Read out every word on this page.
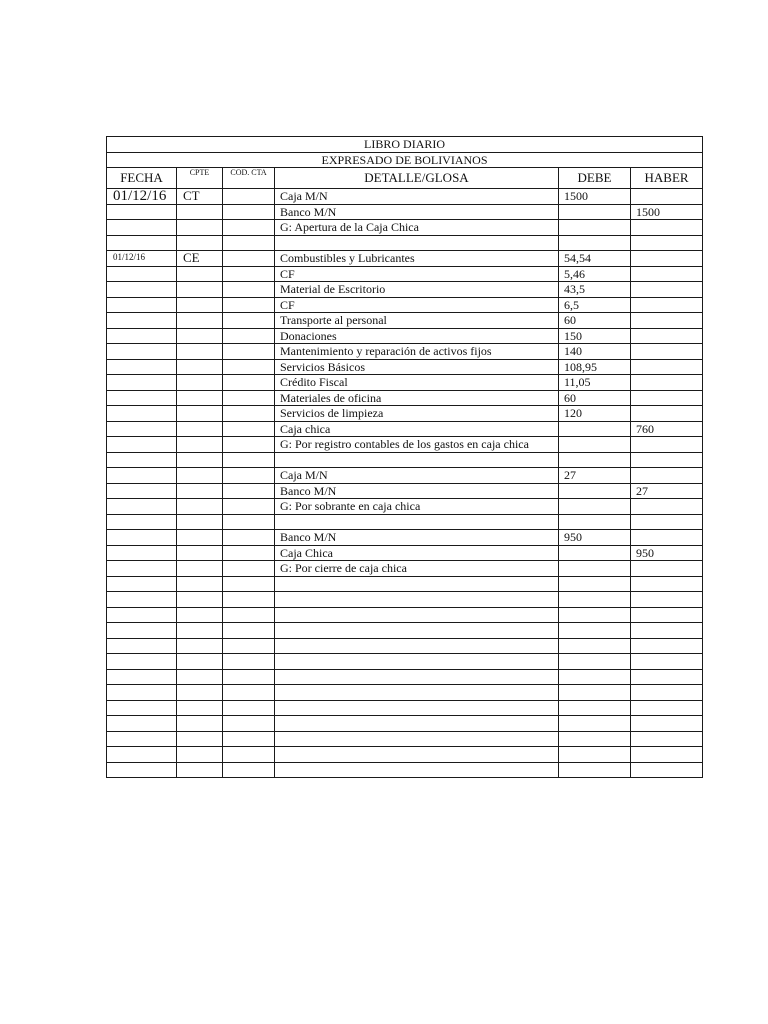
LIBRO DIARIO					
EXPRESADO DE BOLIVIANOS					
FECHA	CPTE	COD. CTA	DETALLE/GLOSA	DEBE	HABER
01/12/16	CT		Caja M/N	1500	
			Banco M/N		1500
			G: Apertura de la Caja Chica		

01/12/16	CE		Combustibles y Lubricantes	54,54	
			CF	5,46	
			Material de Escritorio	43,5	
			CF	6,5	
			Transporte al personal	60	
			Donaciones	150	
			Mantenimiento y reparación de activos fijos	140	
			Servicios Básicos	108,95	
			Crédito Fiscal	11,05	
			Materiales de oficina	60	
			Servicios de limpieza	120	
			Caja chica		760
			G: Por registro contables de los gastos en caja chica		

			Caja M/N	27	
			Banco M/N		27
			G: Por sobrante en caja chica		

			Banco M/N	950	
			Caja Chica		950
			G: Por cierre de caja chica		
